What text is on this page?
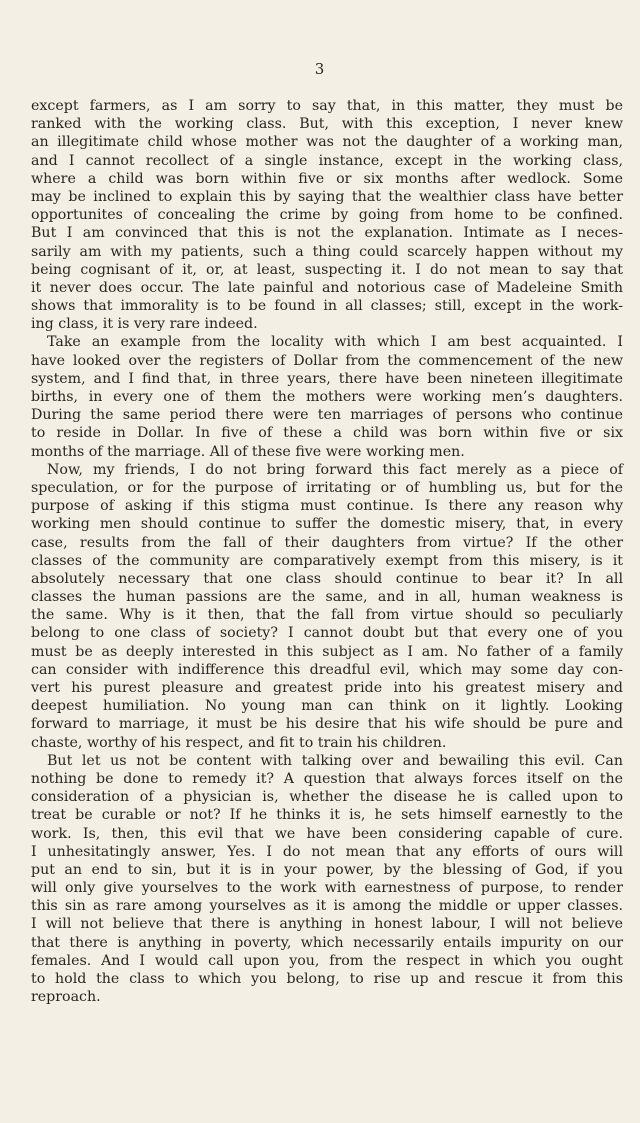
3
except farmers, as I am sorry to say that, in this matter, they must be
ranked with the working class. But, with this exception, I never knew
an illegitimate child whose mother was not the daughter of a working man,
and I cannot recollect of a single instance, except in the working class,
where a child was born within five or six months after wedlock. Some
may be inclined to explain this by saying that the wealthier class have better
opportunites of concealing the crime by going from home to be confined.
But I am convinced that this is not the explanation. Intimate as I neces-
sarily am with my patients, such a thing could scarcely happen without my
being cognisant of it, or, at least, suspecting it. I do not mean to say that
it never does occur. The late painful and notorious case of Madeleine Smith
shows that immorality is to be found in all classes; still, except in the work-
ing class, it is very rare indeed.
Take an example from the locality with which I am best acquainted. I
have looked over the registers of Dollar from the commencement of the new
system, and I find that, in three years, there have been nineteen illegitimate
births, in every one of them the mothers were working men’s daughters.
During the same period there were ten marriages of persons who continue
to reside in Dollar. In five of these a child was born within five or six
months of the marriage. All of these five were working men.
Now, my friends, I do not bring forward this fact merely as a piece of
speculation, or for the purpose of irritating or of humbling us, but for the
purpose of asking if this stigma must continue. Is there any reason why
working men should continue to suffer the domestic misery, that, in every
case, results from the fall of their daughters from virtue? If the other
classes of the community are comparatively exempt from this misery, is it
absolutely necessary that one class should continue to bear it? In all
classes the human passions are the same, and in all, human weakness is
the same. Why is it then, that the fall from virtue should so peculiarly
belong to one class of society? I cannot doubt but that every one of you
must be as deeply interested in this subject as I am. No father of a family
can consider with indifference this dreadful evil, which may some day con-
vert his purest pleasure and greatest pride into his greatest misery and
deepest humiliation. No young man can think on it lightly. Looking
forward to marriage, it must be his desire that his wife should be pure and
chaste, worthy of his respect, and fit to train his children.
But let us not be content with talking over and bewailing this evil. Can
nothing be done to remedy it? A question that always forces itself on the
consideration of a physician is, whether the disease he is called upon to
treat be curable or not? If he thinks it is, he sets himself earnestly to the
work. Is, then, this evil that we have been considering capable of cure.
I unhesitatingly answer, Yes. I do not mean that any efforts of ours will
put an end to sin, but it is in your power, by the blessing of God, if you
will only give yourselves to the work with earnestness of purpose, to render
this sin as rare among yourselves as it is among the middle or upper classes.
I will not believe that there is anything in honest labour, I will not believe
that there is anything in poverty, which necessarily entails impurity on our
females. And I would call upon you, from the respect in which you ought
to hold the class to which you belong, to rise up and rescue it from this
reproach.
